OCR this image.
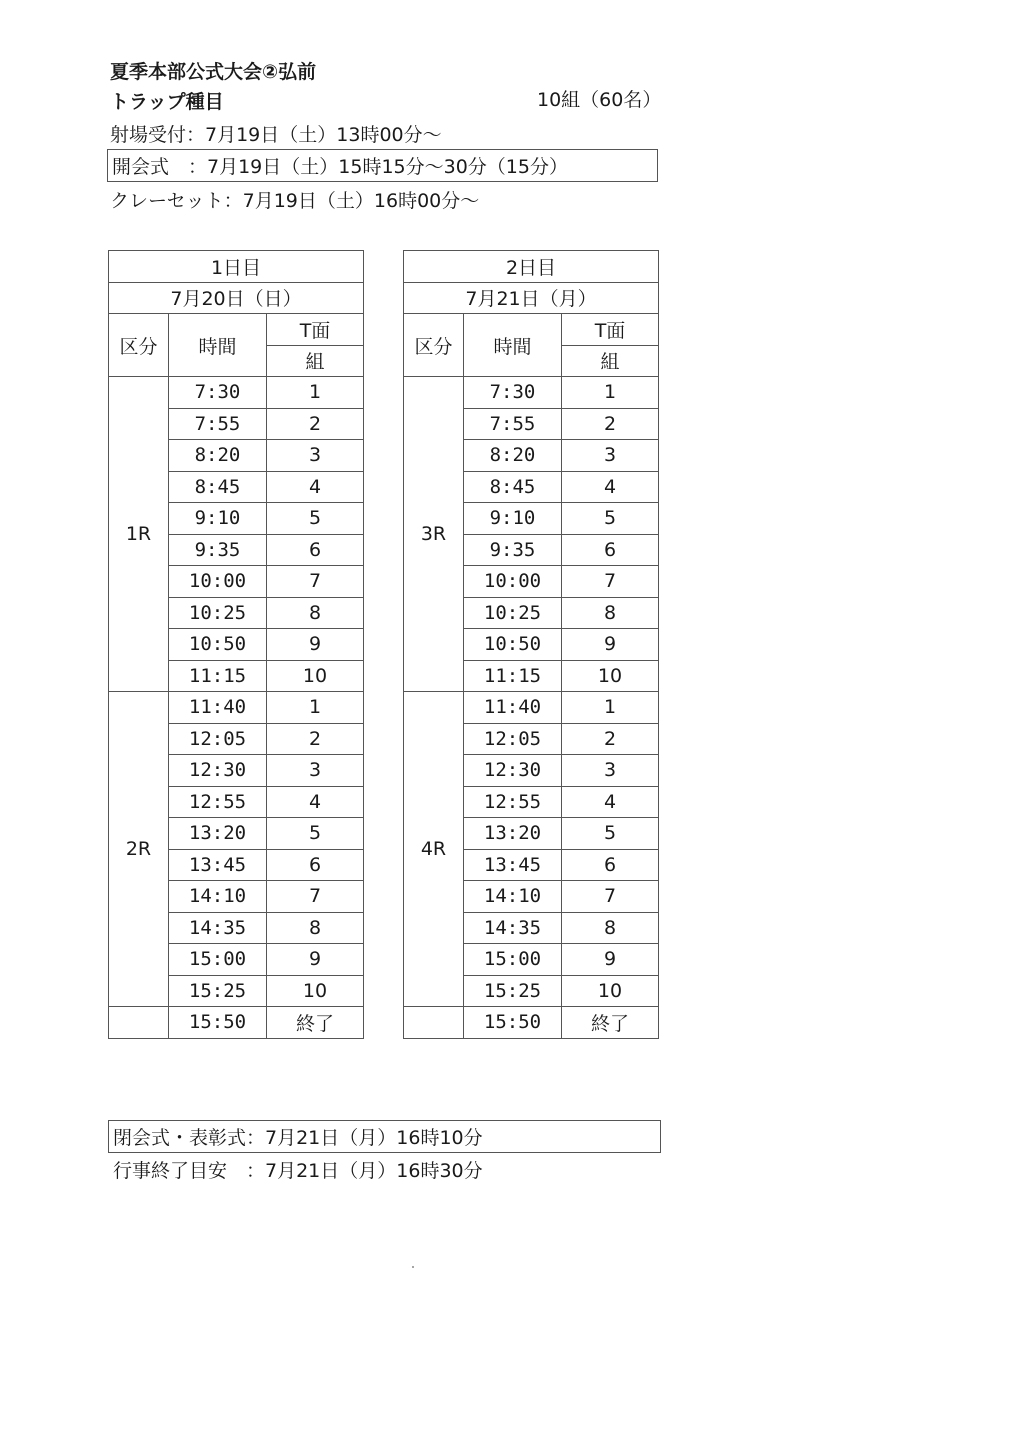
夏季本部公式大会②弘前
トラップ種目	10組（60名）
射場受付：7月19日（土）13時00分～
開会式　：7月19日（土）15時15分～30分（15分）
クレーセット：7月19日（土）16時00分～
1日目		
7月20日（日）		
区分	時間	T面
		組
1R	7:30	1
	7:55	2
	8:20	3
	8:45	4
	9:10	5
	9:35	6
	10:00	7
	10:25	8
	10:50	9
	11:15	10
2R	11:40	1
	12:05	2
	12:30	3
	12:55	4
	13:20	5
	13:45	6
	14:10	7
	14:35	8
	15:00	9
	15:25	10
	15:50	終了
2日目		
7月21日（月）		
区分	時間	T面
		組
3R	7:30	1
	7:55	2
	8:20	3
	8:45	4
	9:10	5
	9:35	6
	10:00	7
	10:25	8
	10:50	9
	11:15	10
4R	11:40	1
	12:05	2
	12:30	3
	12:55	4
	13:20	5
	13:45	6
	14:10	7
	14:35	8
	15:00	9
	15:25	10
	15:50	終了
閉会式・表彰式：7月21日（月）16時10分
行事終了目安　：7月21日（月）16時30分
